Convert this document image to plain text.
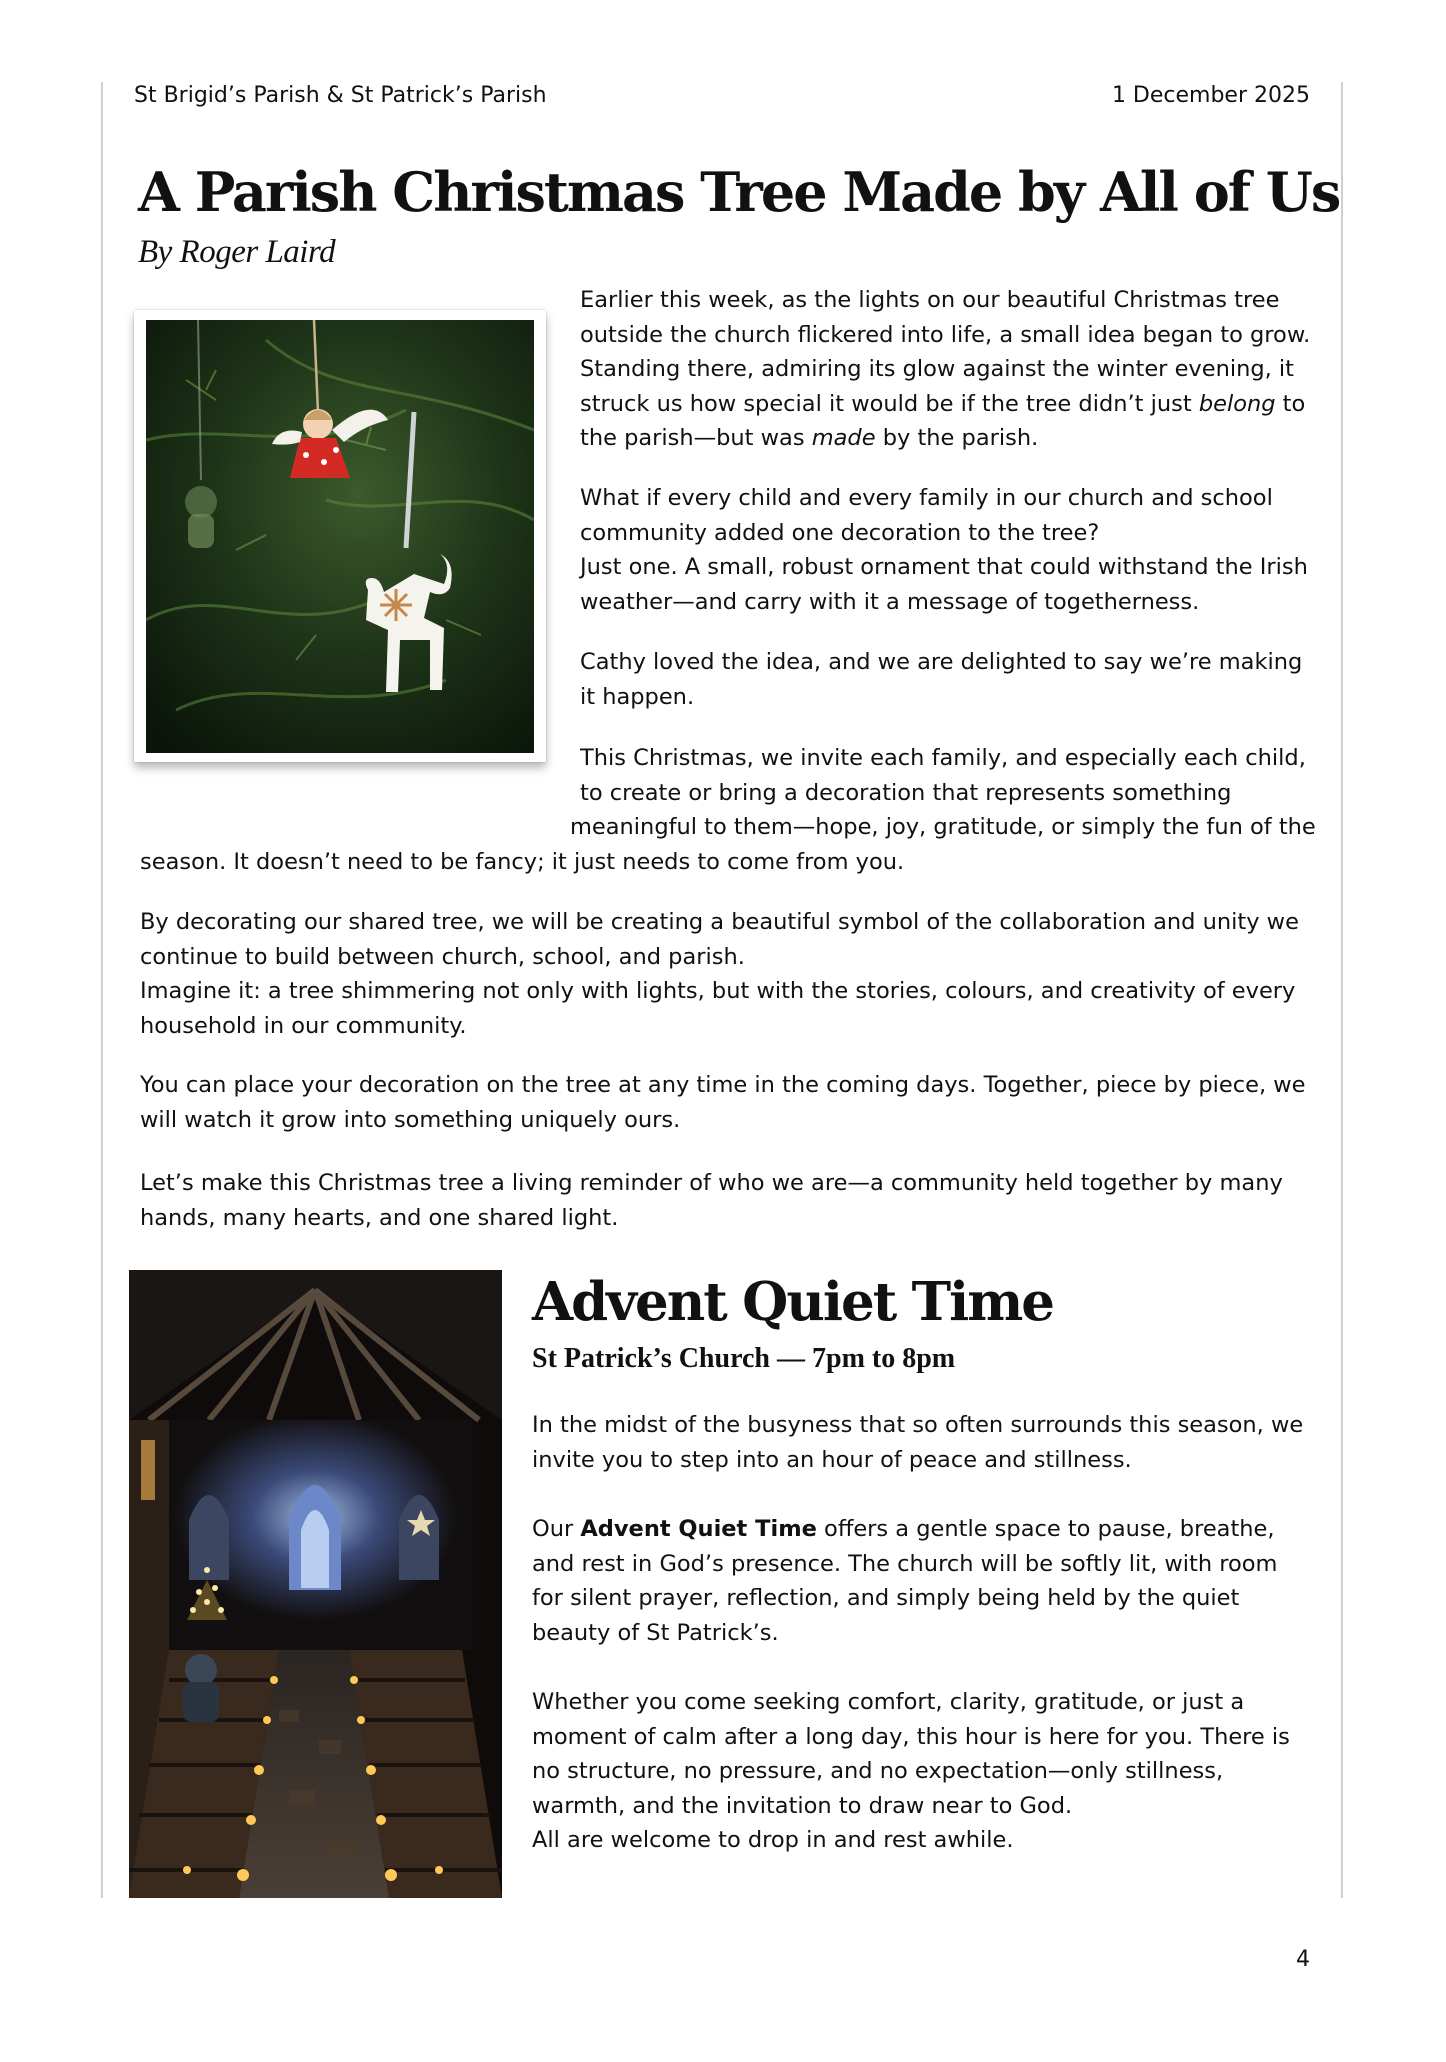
St Brigid’s Parish & St Patrick’s Parish	1 December 2025
A Parish Christmas Tree Made by All of Us
By Roger Laird
Earlier this week, as the lights on our beautiful Christmas tree outside the church flickered into life, a small idea began to grow. Standing there, admiring its glow against the winter evening, it struck us how special it would be if the tree didn’t just belong to the parish—but was made by the parish.
What if every child and every family in our church and school community added one decoration to the tree?
Just one. A small, robust ornament that could withstand the Irish weather—and carry with it a message of togetherness.
Cathy loved the idea, and we are delighted to say we’re making it happen.
This Christmas, we invite each family, and especially each child,
to create or bring a decoration that represents something
meaningful to them—hope, joy, gratitude, or simply the fun of the
season. It doesn’t need to be fancy; it just needs to come from you.
By decorating our shared tree, we will be creating a beautiful symbol of the collaboration and unity we continue to build between church, school, and parish.
Imagine it: a tree shimmering not only with lights, but with the stories, colours, and creativity of every household in our community.
You can place your decoration on the tree at any time in the coming days. Together, piece by piece, we will watch it grow into something uniquely ours.
Let’s make this Christmas tree a living reminder of who we are—a community held together by many hands, many hearts, and one shared light.
Advent Quiet Time
St Patrick’s Church — 7pm to 8pm
In the midst of the busyness that so often surrounds this season, we invite you to step into an hour of peace and stillness.
Our Advent Quiet Time offers a gentle space to pause, breathe, and rest in God’s presence. The church will be softly lit, with room for silent prayer, reflection, and simply being held by the quiet beauty of St Patrick’s.
Whether you come seeking comfort, clarity, gratitude, or just a moment of calm after a long day, this hour is here for you. There is no structure, no pressure, and no expectation—only stillness, warmth, and the invitation to draw near to God.
All are welcome to drop in and rest awhile.
4
